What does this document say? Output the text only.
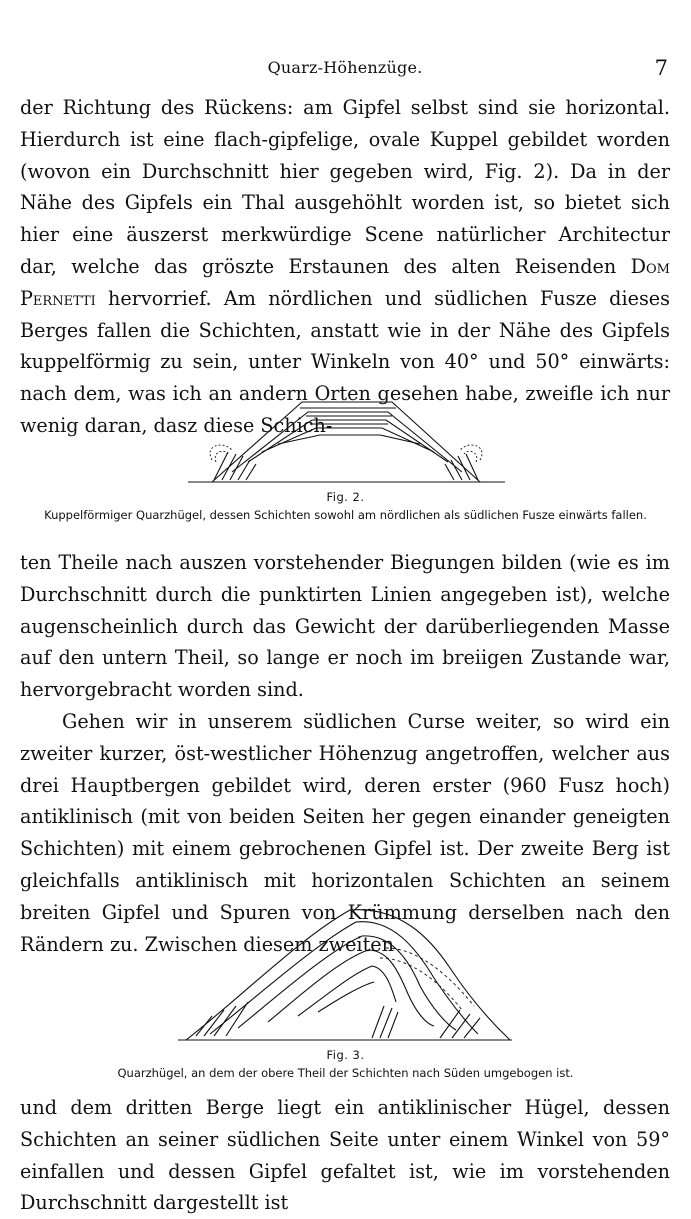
Quarz-Höhenzüge.	7

der Richtung des Rückens: am Gipfel selbst sind sie horizontal. Hierdurch ist eine flach-gipfelige, ovale Kuppel gebildet worden (wovon ein Durchschnitt hier gegeben wird, Fig. 2). Da in der Nähe des Gipfels ein Thal ausgehöhlt worden ist, so bietet sich hier eine äuszerst merkwürdige Scene natürlicher Architectur dar, welche das gröszte Erstaunen des alten Reisenden Dom Pernetti hervorrief. Am nördlichen und südlichen Fusze dieses Berges fallen die Schichten, anstatt wie in der Nähe des Gipfels kuppelförmig zu sein, unter Winkeln von 40° und 50° einwärts: nach dem, was ich an andern Orten gesehen habe, zweifle ich nur wenig daran, dasz diese Schich-

Fig. 2.
Kuppelförmiger Quarzhügel, dessen Schichten sowohl am nördlichen als südlichen Fusze einwärts fallen.

ten Theile nach auszen vorstehender Biegungen bilden (wie es im Durchschnitt durch die punktirten Linien angegeben ist), welche augenscheinlich durch das Gewicht der darüberliegenden Masse auf den untern Theil, so lange er noch im breiigen Zustande war, hervorgebracht worden sind.

Gehen wir in unserem südlichen Curse weiter, so wird ein zweiter kurzer, öst-westlicher Höhenzug angetroffen, welcher aus drei Hauptbergen gebildet wird, deren erster (960 Fusz hoch) antiklinisch (mit von beiden Seiten her gegen einander geneigten Schichten) mit einem gebrochenen Gipfel ist. Der zweite Berg ist gleichfalls antiklinisch mit horizontalen Schichten an seinem breiten Gipfel und Spuren von Krümmung derselben nach den Rändern zu. Zwischen diesem zweiten

Fig. 3.
Quarzhügel, an dem der obere Theil der Schichten nach Süden umgebogen ist.

und dem dritten Berge liegt ein antiklinischer Hügel, dessen Schichten an seiner südlichen Seite unter einem Winkel von 59° einfallen und dessen Gipfel gefaltet ist, wie im vorstehenden Durchschnitt dargestellt ist
